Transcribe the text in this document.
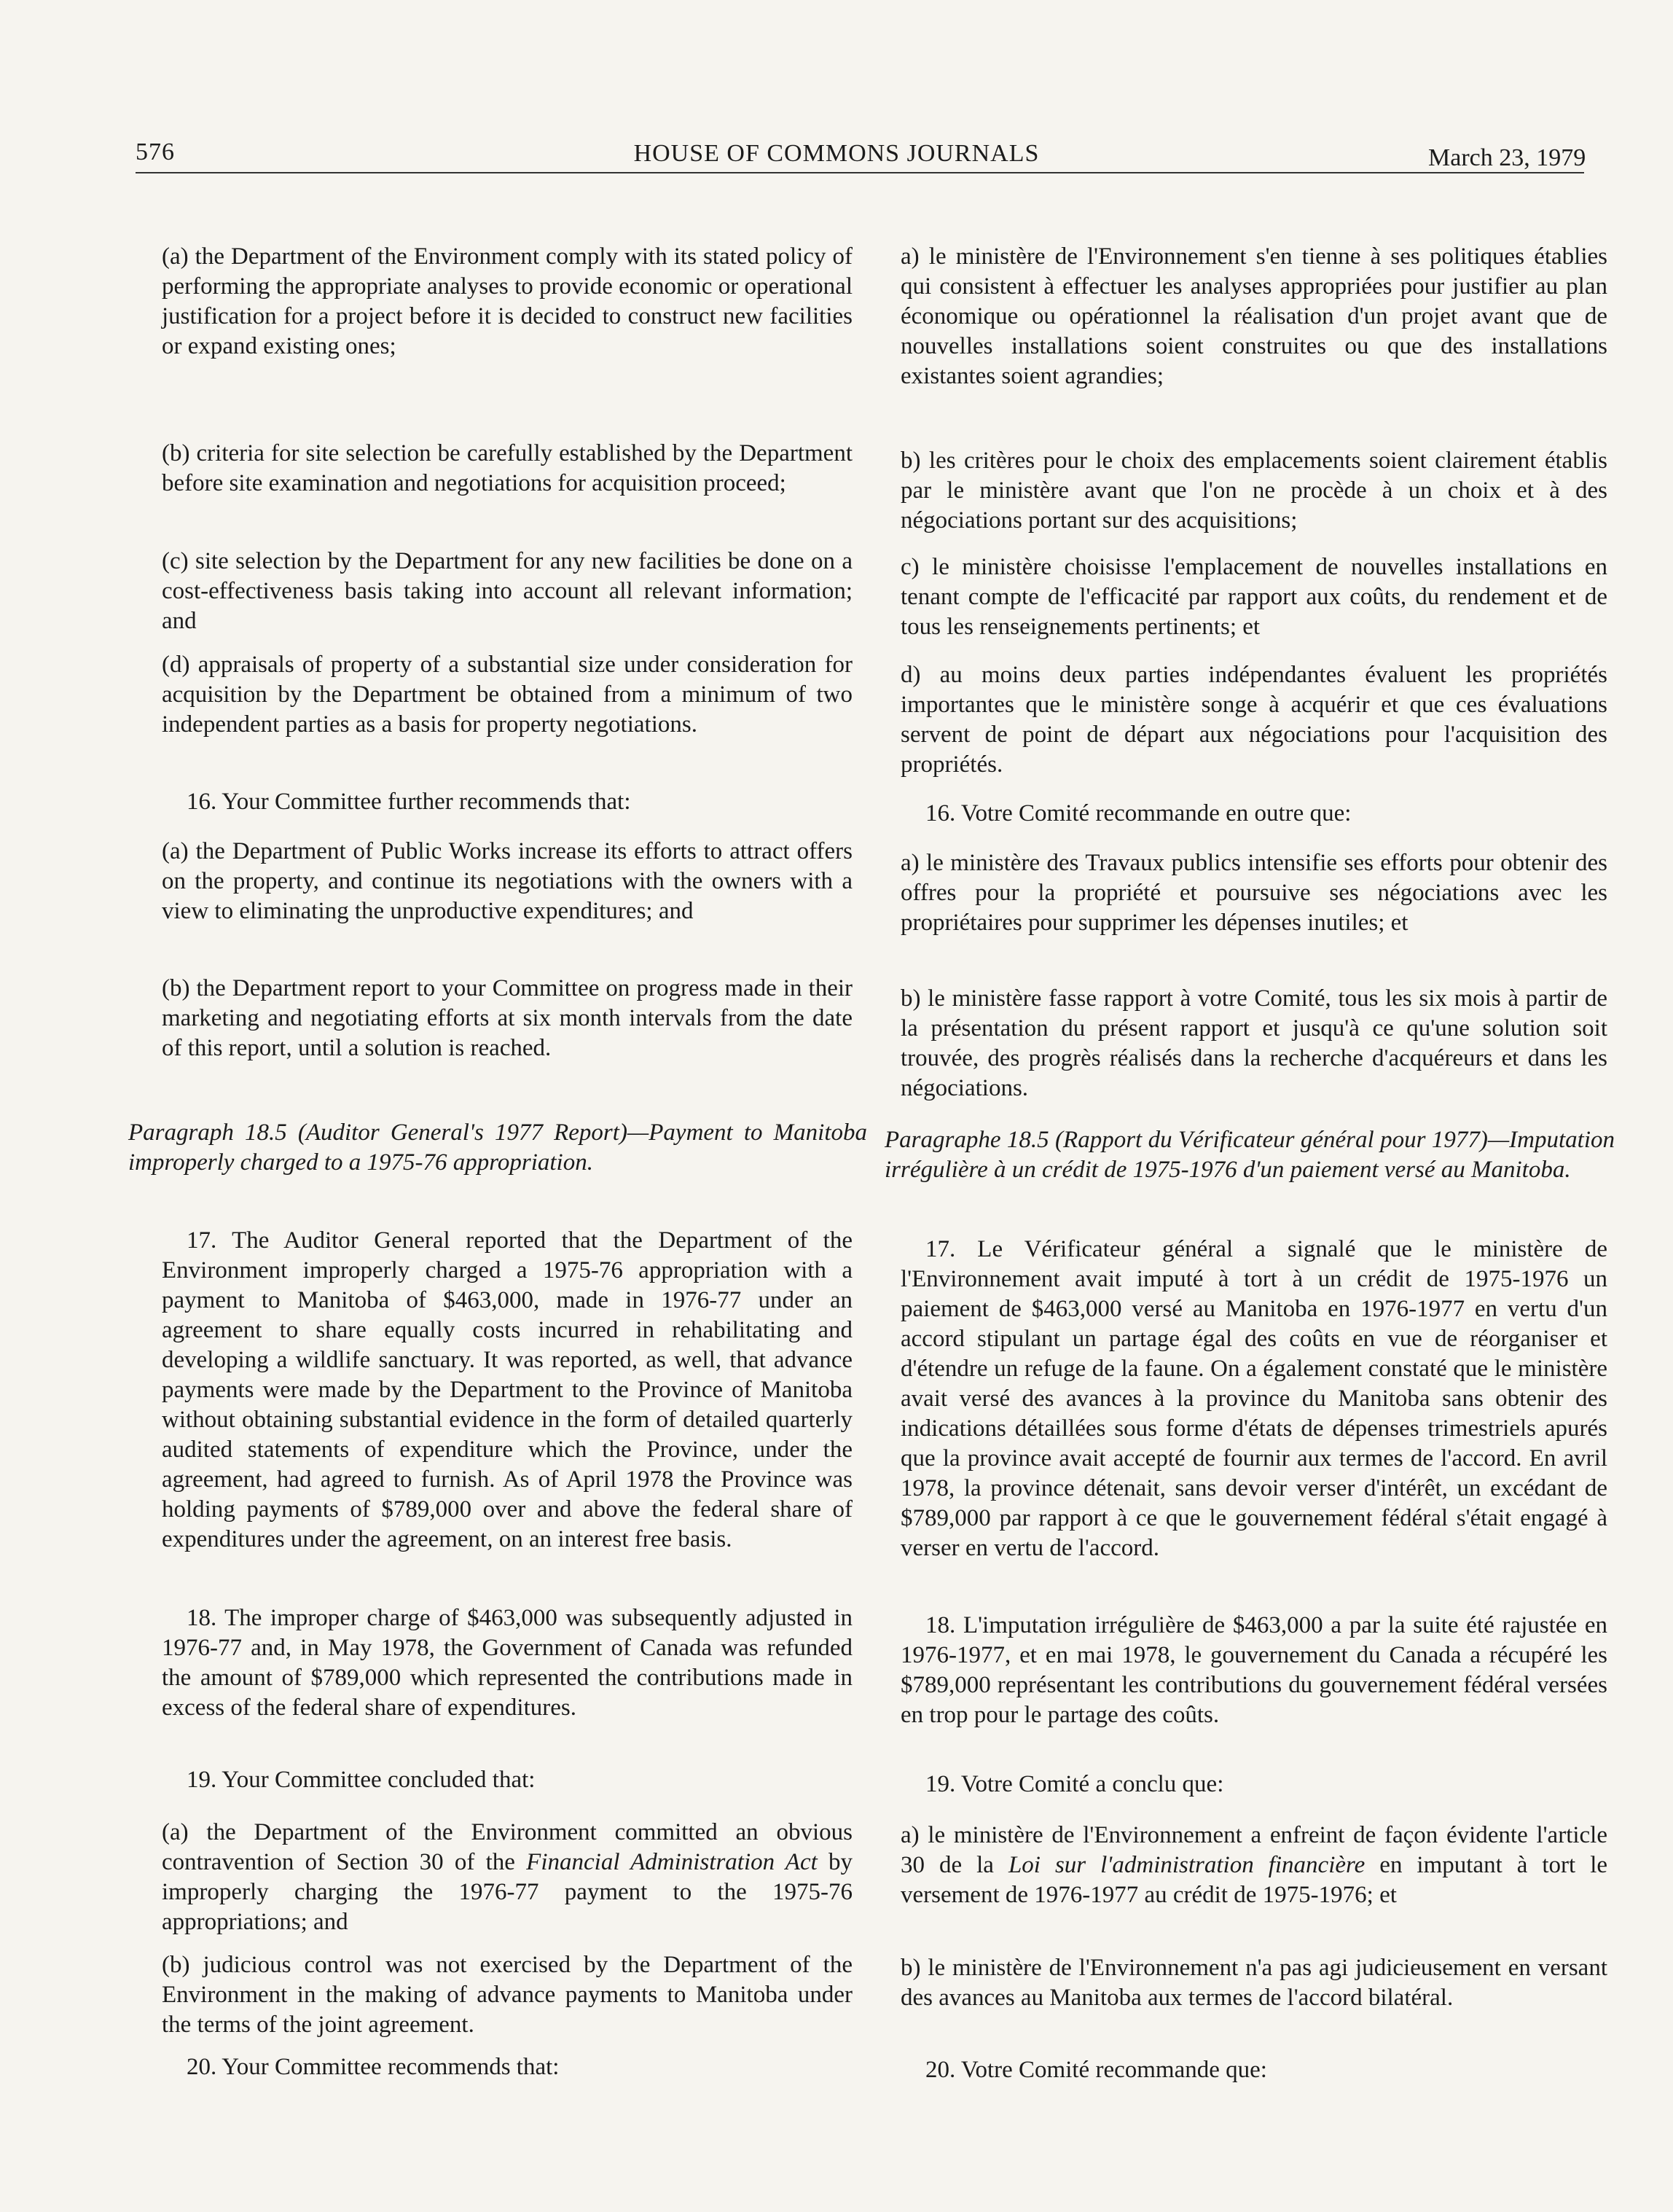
576	HOUSE OF COMMONS JOURNALS	March 23, 1979

(a) the Department of the Environment comply with its stated policy of performing the appropriate analyses to provide economic or operational justification for a project before it is decided to construct new facilities or expand existing ones;

(b) criteria for site selection be carefully established by the Department before site examination and negotiations for acquisition proceed;

(c) site selection by the Department for any new facilities be done on a cost-effectiveness basis taking into account all relevant information; and

(d) appraisals of property of a substantial size under consideration for acquisition by the Department be obtained from a minimum of two independent parties as a basis for property negotiations.

16. Your Committee further recommends that:

(a) the Department of Public Works increase its efforts to attract offers on the property, and continue its negotiations with the owners with a view to eliminating the unproductive expenditures; and

(b) the Department report to your Committee on progress made in their marketing and negotiating efforts at six month intervals from the date of this report, until a solution is reached.

Paragraph 18.5 (Auditor General's 1977 Report)—Payment to Manitoba improperly charged to a 1975-76 appropriation.

17. The Auditor General reported that the Department of the Environment improperly charged a 1975-76 appropriation with a payment to Manitoba of $463,000, made in 1976-77 under an agreement to share equally costs incurred in rehabilitating and developing a wildlife sanctuary. It was reported, as well, that advance payments were made by the Department to the Province of Manitoba without obtaining substantial evidence in the form of detailed quarterly audited statements of expenditure which the Province, under the agreement, had agreed to furnish. As of April 1978 the Province was holding payments of $789,000 over and above the federal share of expenditures under the agreement, on an interest free basis.

18. The improper charge of $463,000 was subsequently adjusted in 1976-77 and, in May 1978, the Government of Canada was refunded the amount of $789,000 which represented the contributions made in excess of the federal share of expenditures.

19. Your Committee concluded that:

(a) the Department of the Environment committed an obvious contravention of Section 30 of the Financial Administration Act by improperly charging the 1976-77 payment to the 1975-76 appropriations; and

(b) judicious control was not exercised by the Department of the Environment in the making of advance payments to Manitoba under the terms of the joint agreement.

20. Your Committee recommends that:

a) le ministère de l'Environnement s'en tienne à ses politiques établies qui consistent à effectuer les analyses appropriées pour justifier au plan économique ou opérationnel la réalisation d'un projet avant que de nouvelles installations soient construites ou que des installations existantes soient agrandies;

b) les critères pour le choix des emplacements soient clairement établis par le ministère avant que l'on ne procède à un choix et à des négociations portant sur des acquisitions;

c) le ministère choisisse l'emplacement de nouvelles installations en tenant compte de l'efficacité par rapport aux coûts, du rendement et de tous les renseignements pertinents; et

d) au moins deux parties indépendantes évaluent les propriétés importantes que le ministère songe à acquérir et que ces évaluations servent de point de départ aux négociations pour l'acquisition des propriétés.

16. Votre Comité recommande en outre que:

a) le ministère des Travaux publics intensifie ses efforts pour obtenir des offres pour la propriété et poursuive ses négociations avec les propriétaires pour supprimer les dépenses inutiles; et

b) le ministère fasse rapport à votre Comité, tous les six mois à partir de la présentation du présent rapport et jusqu'à ce qu'une solution soit trouvée, des progrès réalisés dans la recherche d'acquéreurs et dans les négociations.

Paragraphe 18.5 (Rapport du Vérificateur général pour 1977)—Imputation irrégulière à un crédit de 1975-1976 d'un paiement versé au Manitoba.

17. Le Vérificateur général a signalé que le ministère de l'Environnement avait imputé à tort à un crédit de 1975-1976 un paiement de $463,000 versé au Manitoba en 1976-1977 en vertu d'un accord stipulant un partage égal des coûts en vue de réorganiser et d'étendre un refuge de la faune. On a également constaté que le ministère avait versé des avances à la province du Manitoba sans obtenir des indications détaillées sous forme d'états de dépenses trimestriels apurés que la province avait accepté de fournir aux termes de l'accord. En avril 1978, la province détenait, sans devoir verser d'intérêt, un excédant de $789,000 par rapport à ce que le gouvernement fédéral s'était engagé à verser en vertu de l'accord.

18. L'imputation irrégulière de $463,000 a par la suite été rajustée en 1976-1977, et en mai 1978, le gouvernement du Canada a récupéré les $789,000 représentant les contributions du gouvernement fédéral versées en trop pour le partage des coûts.

19. Votre Comité a conclu que:

a) le ministère de l'Environnement a enfreint de façon évidente l'article 30 de la Loi sur l'administration financière en imputant à tort le versement de 1976-1977 au crédit de 1975-1976; et

b) le ministère de l'Environnement n'a pas agi judicieusement en versant des avances au Manitoba aux termes de l'accord bilatéral.

20. Votre Comité recommande que:
